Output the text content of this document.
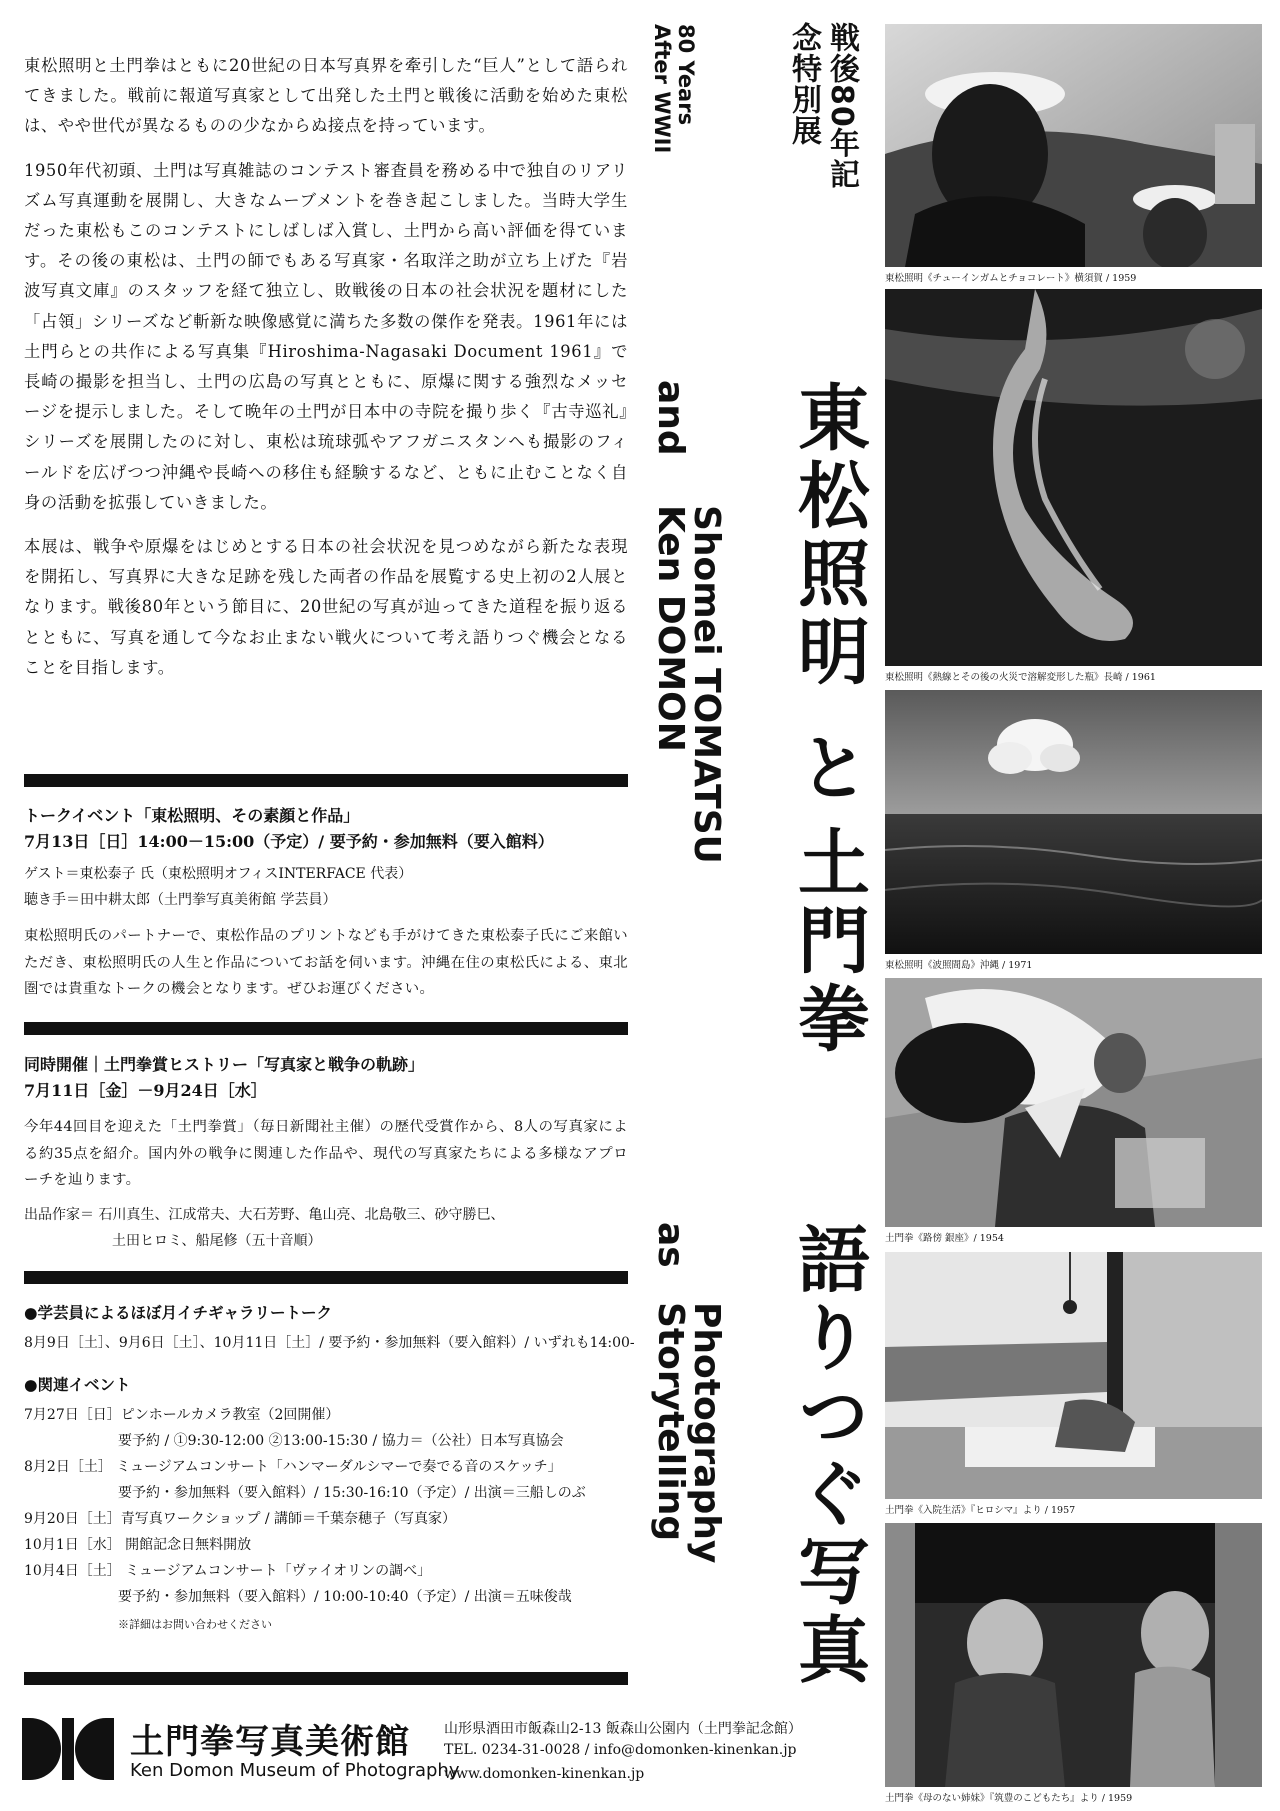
東松照明と土門拳はともに20世紀の日本写真界を牽引した“巨人”として語られてきました。戦前に報道写真家として出発した土門と戦後に活動を始めた東松は、やや世代が異なるものの少なからぬ接点を持っています。

1950年代初頭、土門は写真雑誌のコンテスト審査員を務める中で独自のリアリズム写真運動を展開し、大きなムーブメントを巻き起こしました。当時大学生だった東松もこのコンテストにしばしば入賞し、土門から高い評価を得ています。その後の東松は、土門の師でもある写真家・名取洋之助が立ち上げた『岩波写真文庫』のスタッフを経て独立し、敗戦後の日本の社会状況を題材にした「占領」シリーズなど斬新な映像感覚に満ちた多数の傑作を発表。1961年には土門らとの共作による写真集『Hiroshima-Nagasaki Document 1961』で長崎の撮影を担当し、土門の広島の写真とともに、原爆に関する強烈なメッセージを提示しました。そして晩年の土門が日本中の寺院を撮り歩く『古寺巡礼』シリーズを展開したのに対し、東松は琉球弧やアフガニスタンへも撮影のフィールドを広げつつ沖縄や長崎への移住も経験するなど、ともに止むことなく自身の活動を拡張していきました。

本展は、戦争や原爆をはじめとする日本の社会状況を見つめながら新たな表現を開拓し、写真界に大きな足跡を残した両者の作品を展覧する史上初の2人展となります。戦後80年という節目に、20世紀の写真が辿ってきた道程を振り返るとともに、写真を通して今なお止まない戦火について考え語りつぐ機会となることを目指します。

トークイベント「東松照明、その素顔と作品」

7月13日［日］14:00－15:00（予定）/ 要予約・参加無料（要入館料）

ゲスト＝東松泰子 氏（東松照明オフィスINTERFACE 代表）

聴き手＝田中耕太郎（土門拳写真美術館 学芸員）

東松照明氏のパートナーで、東松作品のプリントなども手がけてきた東松泰子氏にご来館いただき、東松照明氏の人生と作品についてお話を伺います。沖縄在住の東松氏による、東北圏では貴重なトークの機会となります。ぜひお運びください。

同時開催｜土門拳賞ヒストリー「写真家と戦争の軌跡」

7月11日［金］－9月24日［水］

今年44回目を迎えた「土門拳賞」（毎日新聞社主催）の歴代受賞作から、8人の写真家による約35点を紹介。国内外の戦争に関連した作品や、現代の写真家たちによる多様なアプローチを辿ります。

出品作家＝ 石川真生、江成常夫、大石芳野、亀山亮、北島敬三、砂守勝巳、

土田ヒロミ、船尾修（五十音順）

●学芸員によるほぼ月イチギャラリートーク

8月9日［土］、9月6日［土］、10月11日［土］/ 要予約・参加無料（要入館料）/ いずれも14:00-

●関連イベント

7月27日［日］ピンホールカメラ教室（2回開催）

要予約 / ①9:30-12:00 ②13:00-15:30 / 協力＝（公社）日本写真協会

8月2日［土］ ミュージアムコンサート「ハンマーダルシマーで奏でる音のスケッチ」

要予約・参加無料（要入館料）/ 15:30-16:10（予定）/ 出演＝三船しのぶ

9月20日［土］青写真ワークショップ / 講師＝千葉奈穂子（写真家）

10月1日［水］ 開館記念日無料開放

10月4日［土］ ミュージアムコンサート「ヴァイオリンの調べ」

要予約・参加無料（要入館料）/ 10:00-10:40（予定）/ 出演＝五味俊哉

※詳細はお問い合わせください

土門拳写真美術館
Ken Domon Museum of Photography
山形県酒田市飯森山2-13 飯森山公園内（土門拳記念館）
TEL. 0234-31-0028 / info@domonken-kinenkan.jp
www.domonken-kinenkan.jp
80 Years
After WWII	戦後80年記念特別展
東松照明
と
土門拳
語りつぐ写真
Shomei TOMATSU
and
Ken DOMON
Photography
as
Storytelling
東松照明《チューインガムとチョコレート》横須賀 / 1959
東松照明《熱線とその後の火災で溶解変形した瓶》長崎 / 1961
東松照明《波照間島》沖縄 / 1971
土門拳《路傍 銀座》/ 1954
土門拳《入院生活》『ヒロシマ』より / 1957
土門拳《母のない姉妹》『筑豊のこどもたち』より / 1959
